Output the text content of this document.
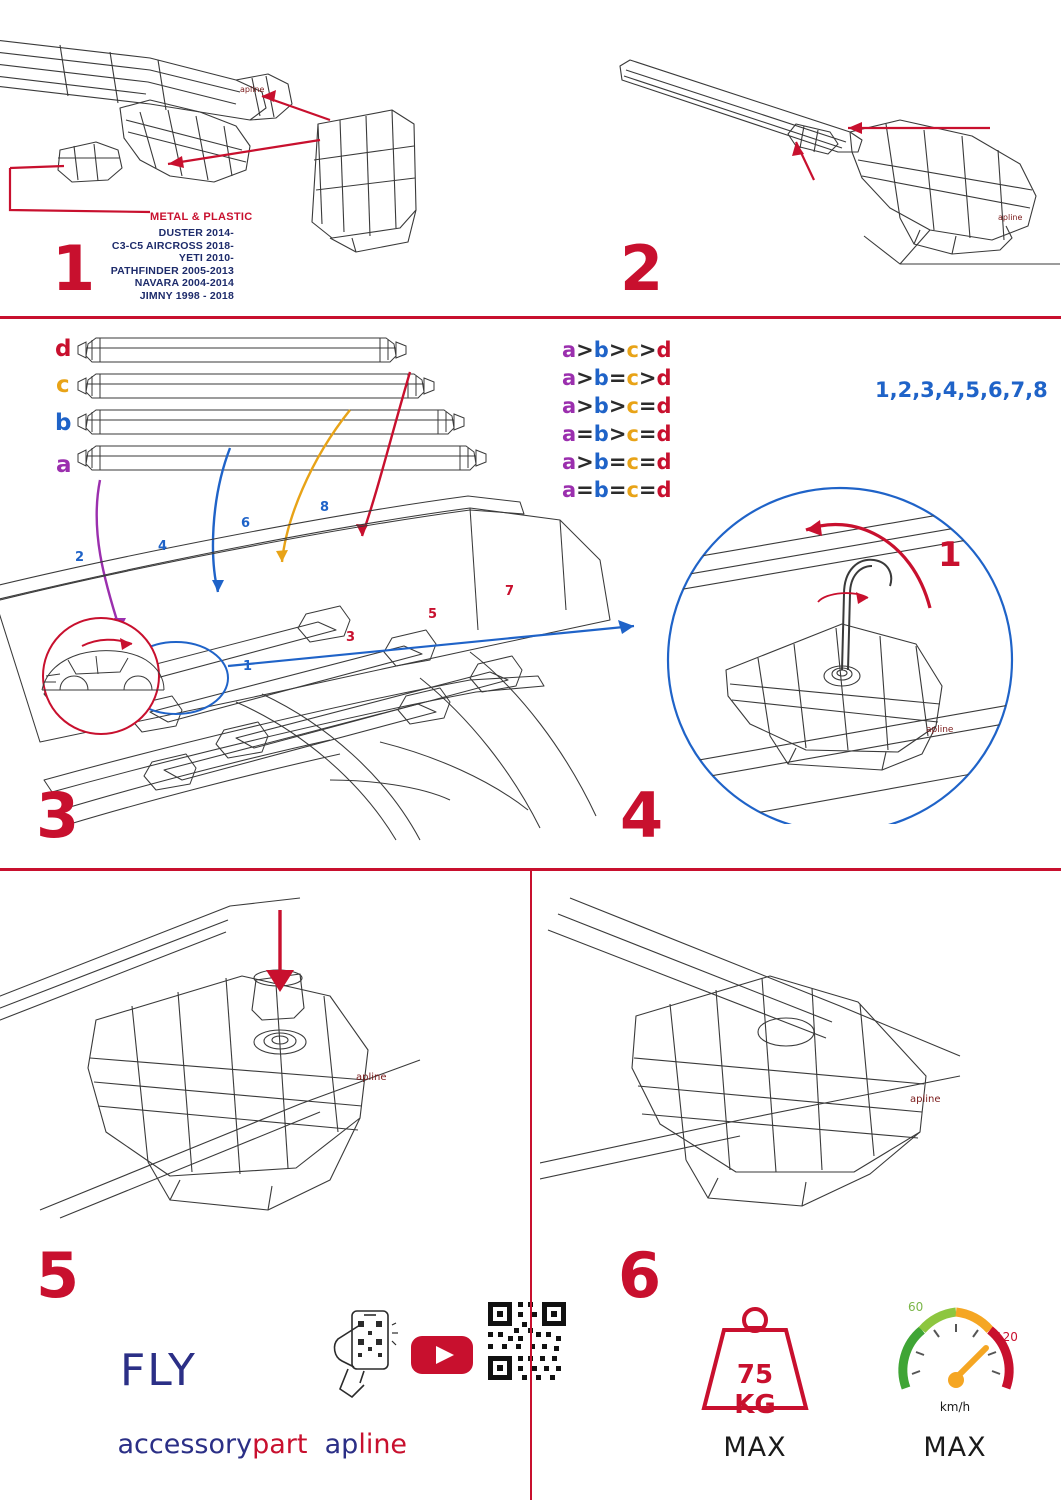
apline
METAL & PLASTIC
DUSTER 2014-
C3-C5 AIRCROSS 2018-
YETI 2010-
PATHFINDER 2005-2013
NAVARA 2004-2014
JIMNY 1998 - 2018
1
apline
2
d
c
b
a
a>b>c>d
a>b=c>d
a>b>c=d
a=b>c=d
a>b=c=d
a=b=c=d
1,2,3,4,5,6,7,8
1
2
3
4
5
6
7
8
3
apline
1
4
apline
5
FLY

accessorypart apline

apline
6
75 KG
MAX
60
120
km/h
MAX
